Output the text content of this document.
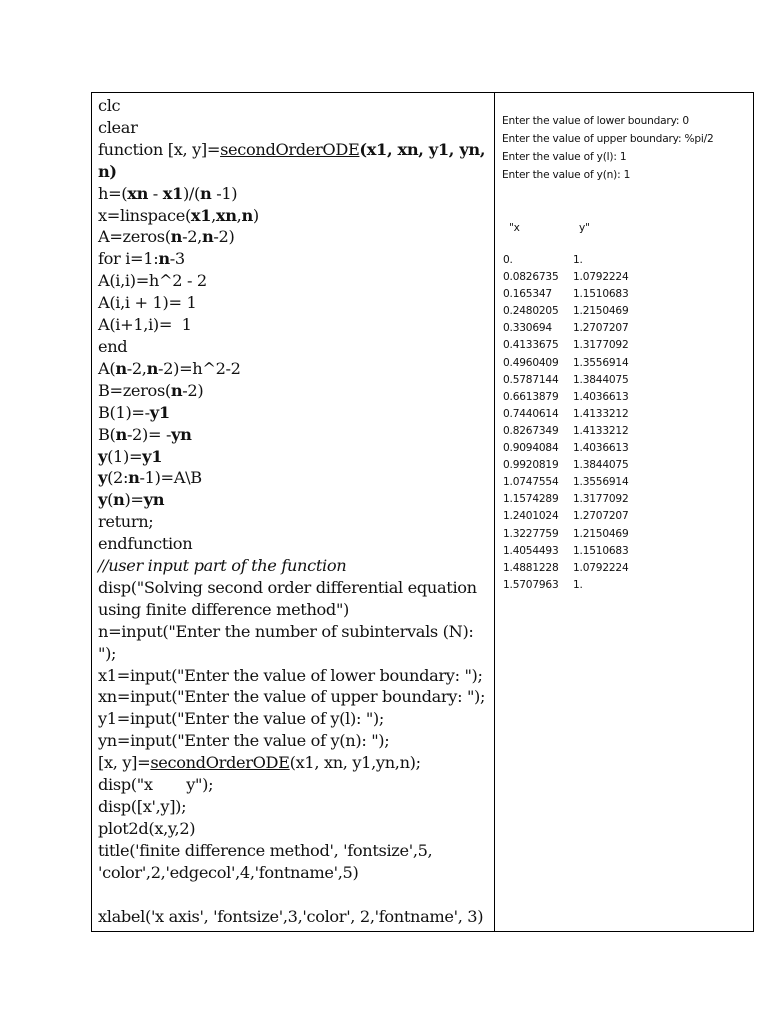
clc
clear
function [x, y]=secondOrderODE(x1, xn, y1, yn,
n)
h=(xn - x1)/(n -1)
x=linspace(x1,xn,n)
A=zeros(n-2,n-2)
for i=1:n-3
A(i,i)=h^2 - 2
A(i,i + 1)= 1
A(i+1,i)=  1
end
A(n-2,n-2)=h^2-2
B=zeros(n-2)
B(1)=-y1
B(n-2)= -yn
y(1)=y1
y(2:n-1)=A\B
y(n)=yn
return;
endfunction
//user input part of the function
disp("Solving second order differential equation
using finite difference method")
n=input("Enter the number of subintervals (N):
");
x1=input("Enter the value of lower boundary: ");
xn=input("Enter the value of upper boundary: ");
y1=input("Enter the value of y(l): ");
yn=input("Enter the value of y(n): ");
[x, y]=secondOrderODE(x1, xn, y1,yn,n);
disp("x       y");
disp([x',y]);
plot2d(x,y,2)
title('finite difference method', 'fontsize',5,
'color',2,'edgecol',4,'fontname',5)
xlabel('x axis', 'fontsize',3,'color', 2,'fontname', 3)

Enter the value of lower boundary: 0
Enter the value of upper boundary: %pi/2
Enter the value of y(l): 1
Enter the value of y(n): 1
"x	y"
0.	1.
0.0826735	1.0792224
0.165347	1.1510683
0.2480205	1.2150469
0.330694	1.2707207
0.4133675	1.3177092
0.4960409	1.3556914
0.5787144	1.3844075
0.6613879	1.4036613
0.7440614	1.4133212
0.8267349	1.4133212
0.9094084	1.4036613
0.9920819	1.3844075
1.0747554	1.3556914
1.1574289	1.3177092
1.2401024	1.2707207
1.3227759	1.2150469
1.4054493	1.1510683
1.4881228	1.0792224
1.5707963	1.
